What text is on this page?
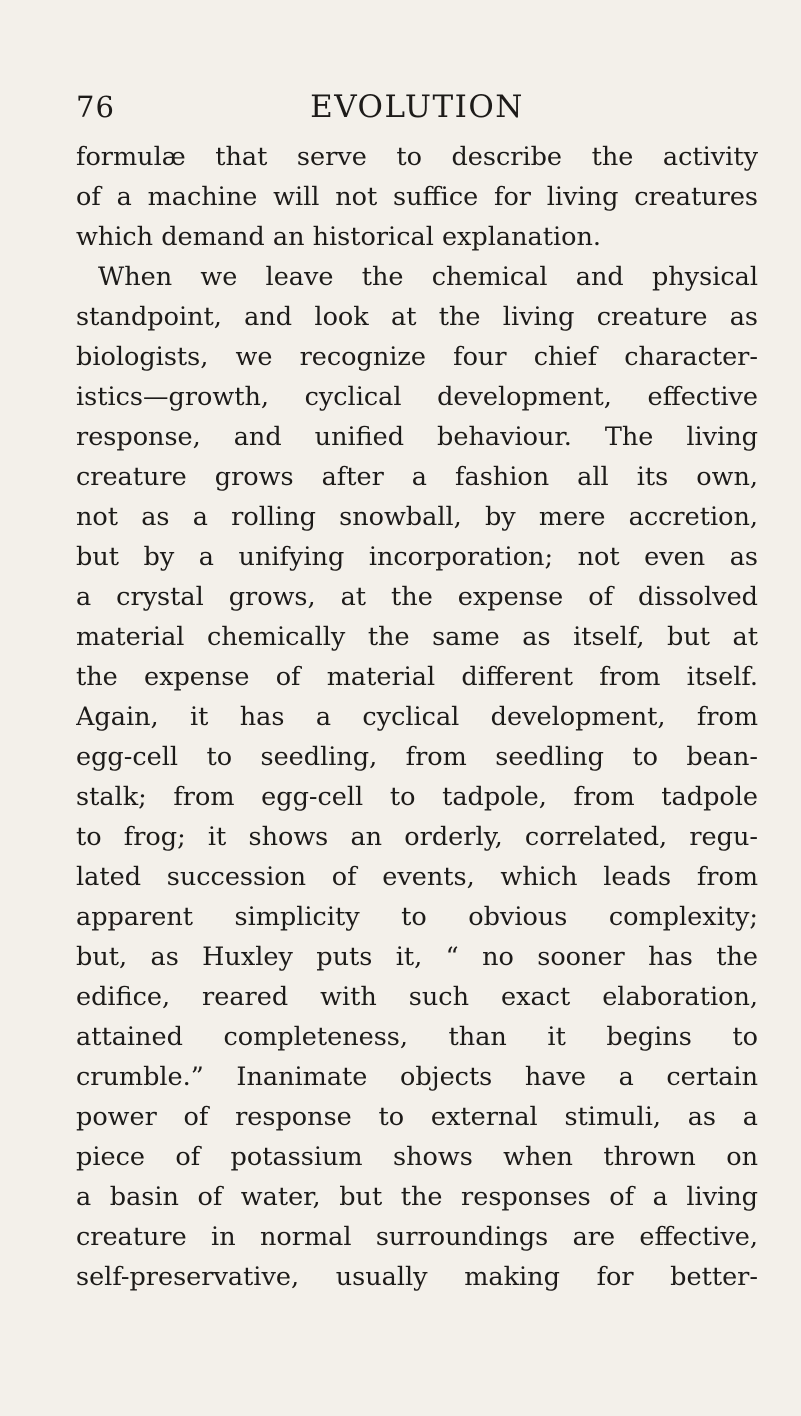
76	EVOLUTION
formulæ that serve to describe the activity
of a machine will not suffice for living creatures
which demand an historical explanation.
When we leave the chemical and physical
standpoint, and look at the living creature as
biologists, we recognize four chief character-
istics—growth, cyclical development, effective
response, and unified behaviour. The living
creature grows after a fashion all its own,
not as a rolling snowball, by mere accretion,
but by a unifying incorporation; not even as
a crystal grows, at the expense of dissolved
material chemically the same as itself, but at
the expense of material different from itself.
Again, it has a cyclical development, from
egg-cell to seedling, from seedling to bean-
stalk; from egg-cell to tadpole, from tadpole
to frog; it shows an orderly, correlated, regu-
lated succession of events, which leads from
apparent simplicity to obvious complexity;
but, as Huxley puts it, “ no sooner has the
edifice, reared with such exact elaboration,
attained completeness, than it begins to
crumble.” Inanimate objects have a certain
power of response to external stimuli, as a
piece of potassium shows when thrown on
a basin of water, but the responses of a living
creature in normal surroundings are effective,
self-preservative, usually making for better-
